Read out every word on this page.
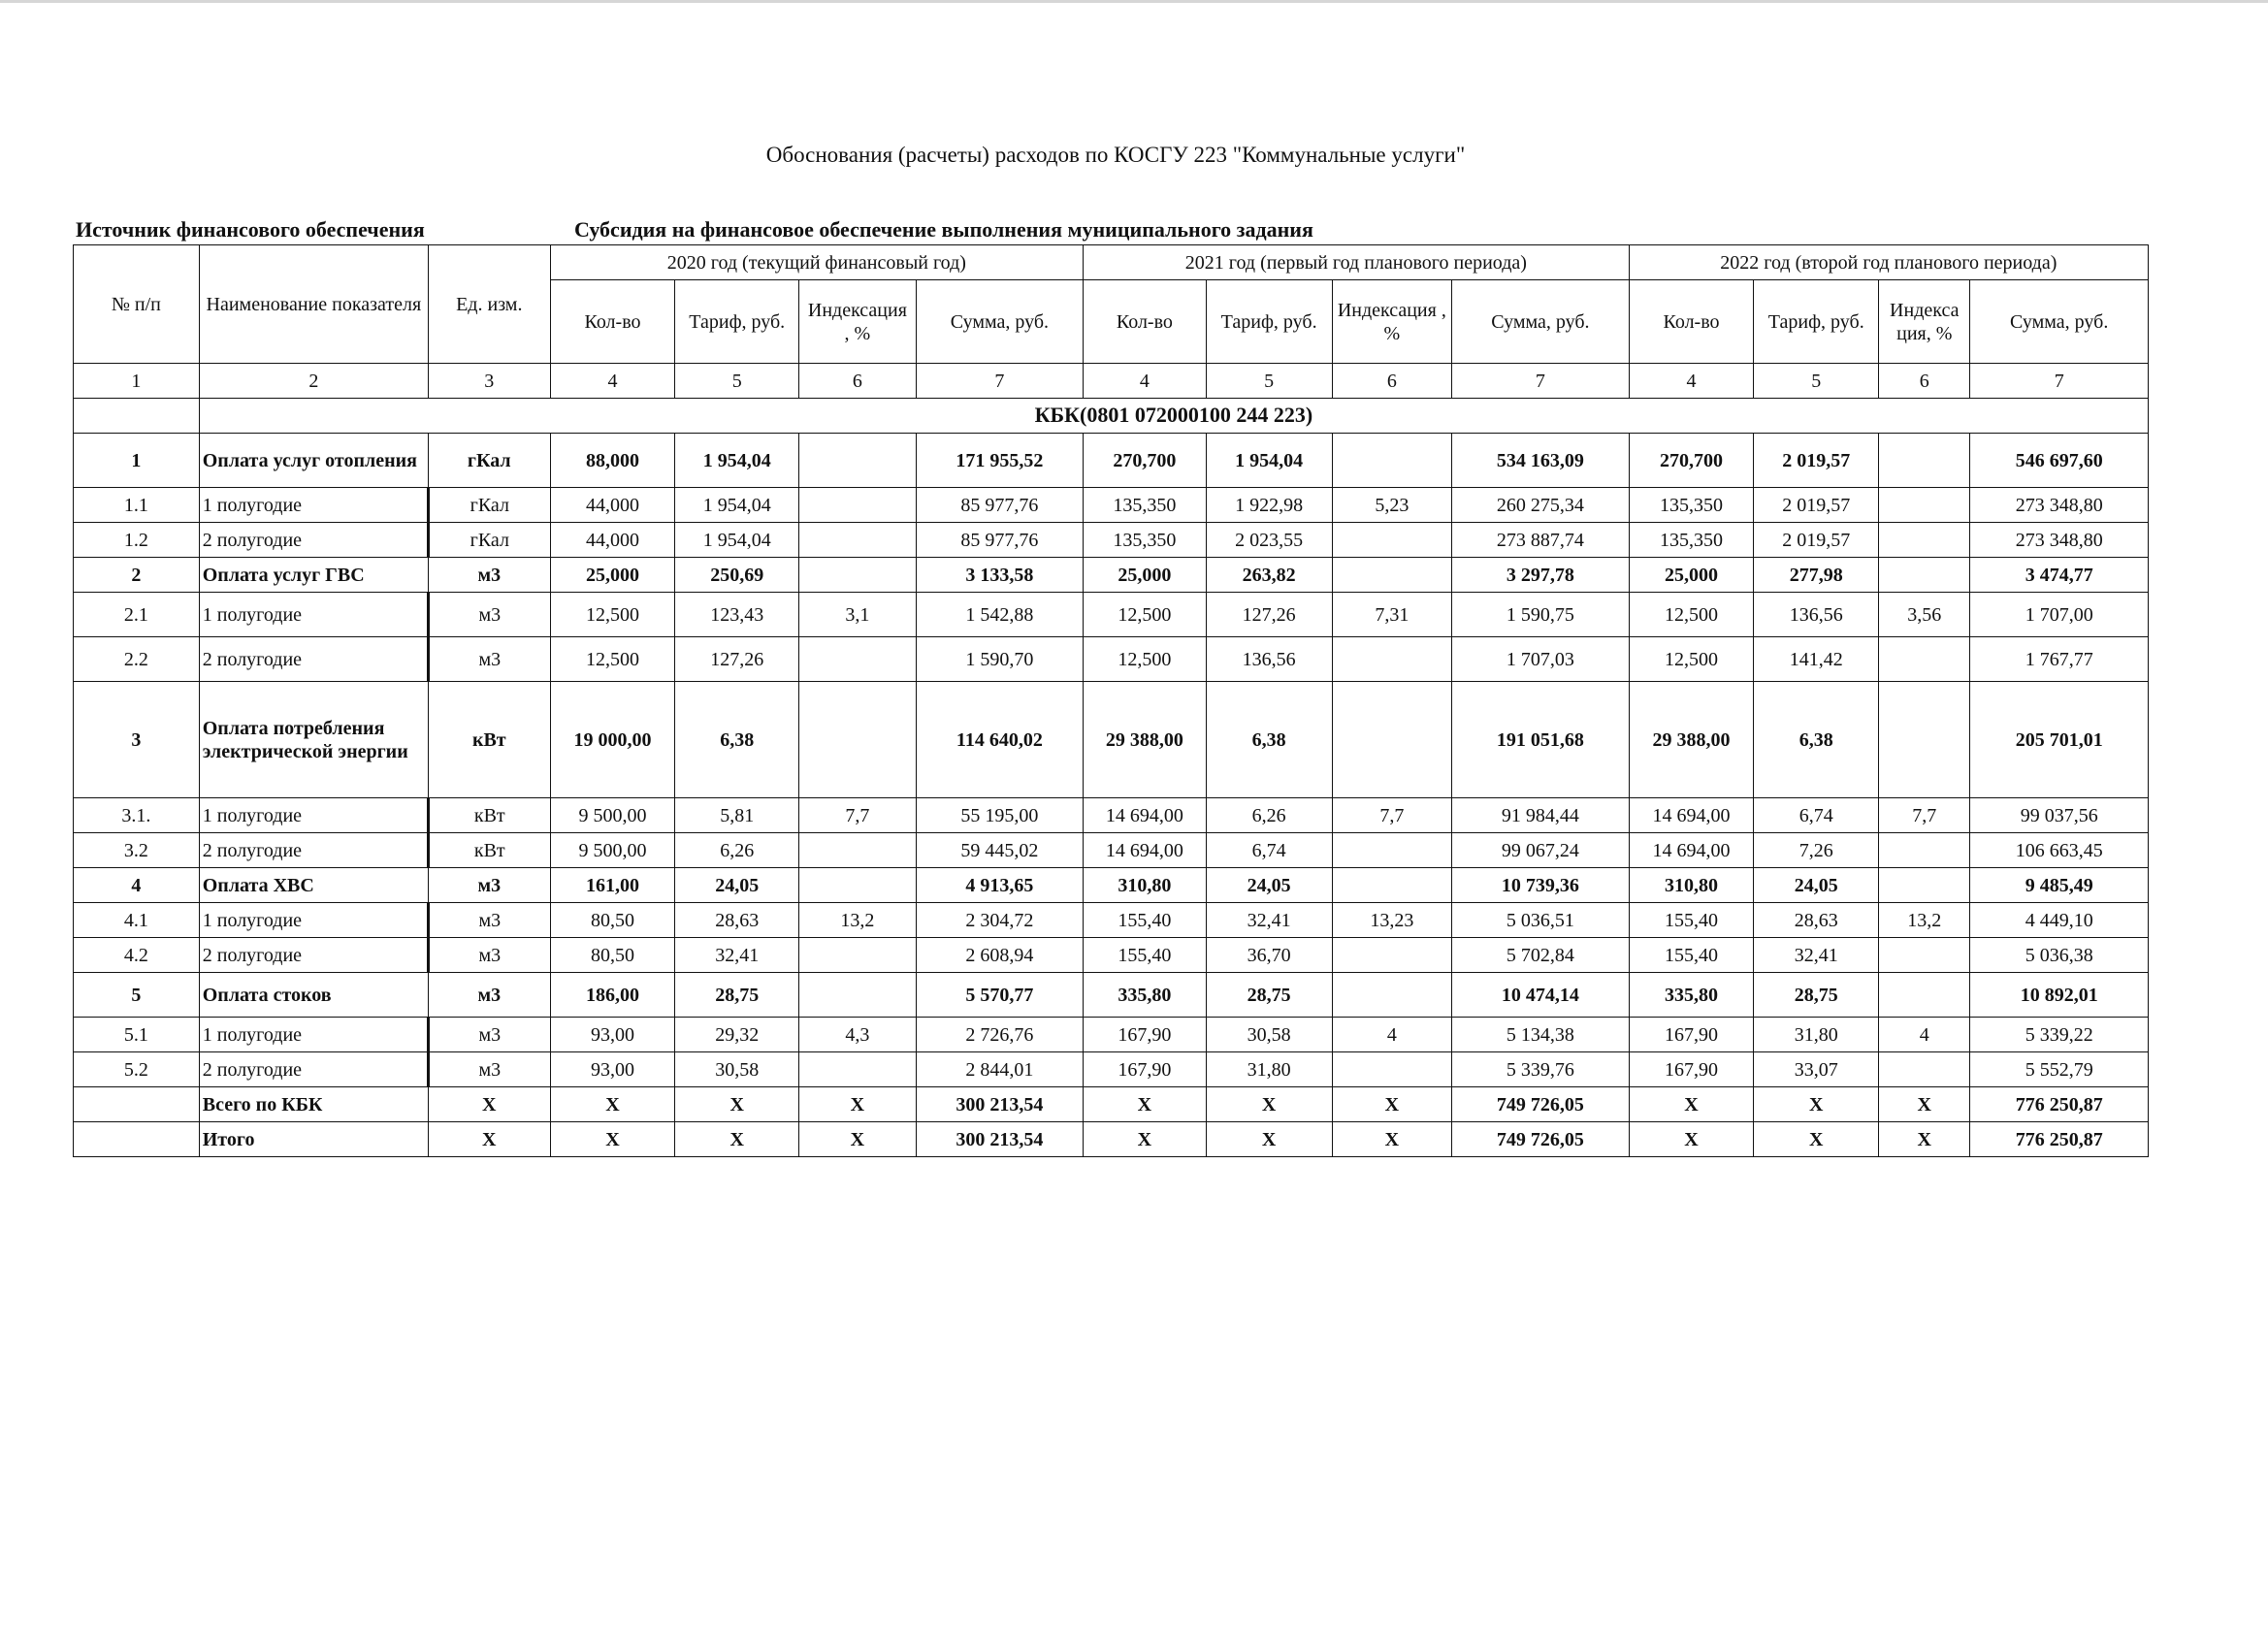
Обоснования (расчеты) расходов по КОСГУ 223 "Коммунальные услуги"
Источник финансового обеспечения	Субсидия на финансовое обеспечение выполнения муниципального задания
№ п/п	Наименование показателя	Ед. изм.	2020 год (текущий финансовый год)				2021 год (первый год планового периода)				2022 год (второй год планового периода)			
			Кол-во	Тариф, руб.	Индексация , %	Сумма, руб.	Кол-во	Тариф, руб.	Индексация , %	Сумма, руб.	Кол-во	Тариф, руб.	Индекса ция, %	Сумма, руб.
1	2	3	4	5	6	7	4	5	6	7	4	5	6	7
	КБК(0801 072000100 244 223)													
1	Оплата услуг отопления	гКал	88,000	1 954,04		171 955,52	270,700	1 954,04		534 163,09	270,700	2 019,57		546 697,60
1.1	1 полугодие	гКал	44,000	1 954,04		85 977,76	135,350	1 922,98	5,23	260 275,34	135,350	2 019,57		273 348,80
1.2	2 полугодие	гКал	44,000	1 954,04		85 977,76	135,350	2 023,55		273 887,74	135,350	2 019,57		273 348,80
2	Оплата услуг ГВС	м3	25,000	250,69		3 133,58	25,000	263,82		3 297,78	25,000	277,98		3 474,77
2.1	1 полугодие	м3	12,500	123,43	3,1	1 542,88	12,500	127,26	7,31	1 590,75	12,500	136,56	3,56	1 707,00
2.2	2 полугодие	м3	12,500	127,26		1 590,70	12,500	136,56		1 707,03	12,500	141,42		1 767,77
3	Оплата потребления электрической энергии	кВт	19 000,00	6,38		114 640,02	29 388,00	6,38		191 051,68	29 388,00	6,38		205 701,01
3.1.	1 полугодие	кВт	9 500,00	5,81	7,7	55 195,00	14 694,00	6,26	7,7	91 984,44	14 694,00	6,74	7,7	99 037,56
3.2	2 полугодие	кВт	9 500,00	6,26		59 445,02	14 694,00	6,74		99 067,24	14 694,00	7,26		106 663,45
4	Оплата ХВС	м3	161,00	24,05		4 913,65	310,80	24,05		10 739,36	310,80	24,05		9 485,49
4.1	1 полугодие	м3	80,50	28,63	13,2	2 304,72	155,40	32,41	13,23	5 036,51	155,40	28,63	13,2	4 449,10
4.2	2 полугодие	м3	80,50	32,41		2 608,94	155,40	36,70		5 702,84	155,40	32,41		5 036,38
5	Оплата стоков	м3	186,00	28,75		5 570,77	335,80	28,75		10 474,14	335,80	28,75		10 892,01
5.1	1 полугодие	м3	93,00	29,32	4,3	2 726,76	167,90	30,58	4	5 134,38	167,90	31,80	4	5 339,22
5.2	2 полугодие	м3	93,00	30,58		2 844,01	167,90	31,80		5 339,76	167,90	33,07		5 552,79
	Всего по КБК	Х	Х	Х	Х	300 213,54	Х	Х	Х	749 726,05	Х	Х	Х	776 250,87
	Итого	Х	Х	Х	Х	300 213,54	Х	Х	Х	749 726,05	Х	Х	Х	776 250,87
